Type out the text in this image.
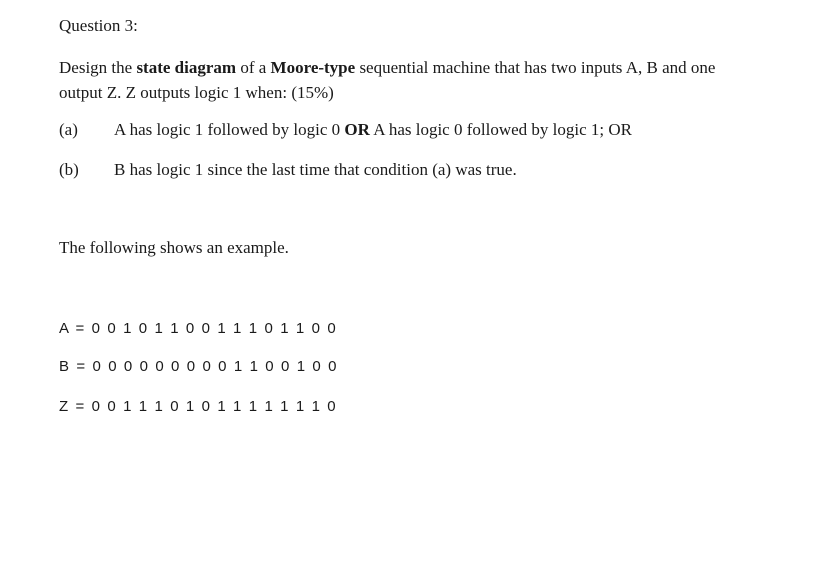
Question 3:
Design the state diagram of a Moore-type sequential machine that has two inputs A, B and one
output Z. Z outputs logic 1 when: (15%)
(a) A has logic 1 followed by logic 0 OR A has logic 0 followed by logic 1; OR
(b) B has logic 1 since the last time that condition (a) was true.
The following shows an example.
A = 0 0 1 0 1 1 0 0 1 1 1 0 1 1 0 0
B = 0 0 0 0 0 0 0 0 0 1 1 0 0 1 0 0
Z = 0 0 1 1 1 0 1 0 1 1 1 1 1 1 1 0
